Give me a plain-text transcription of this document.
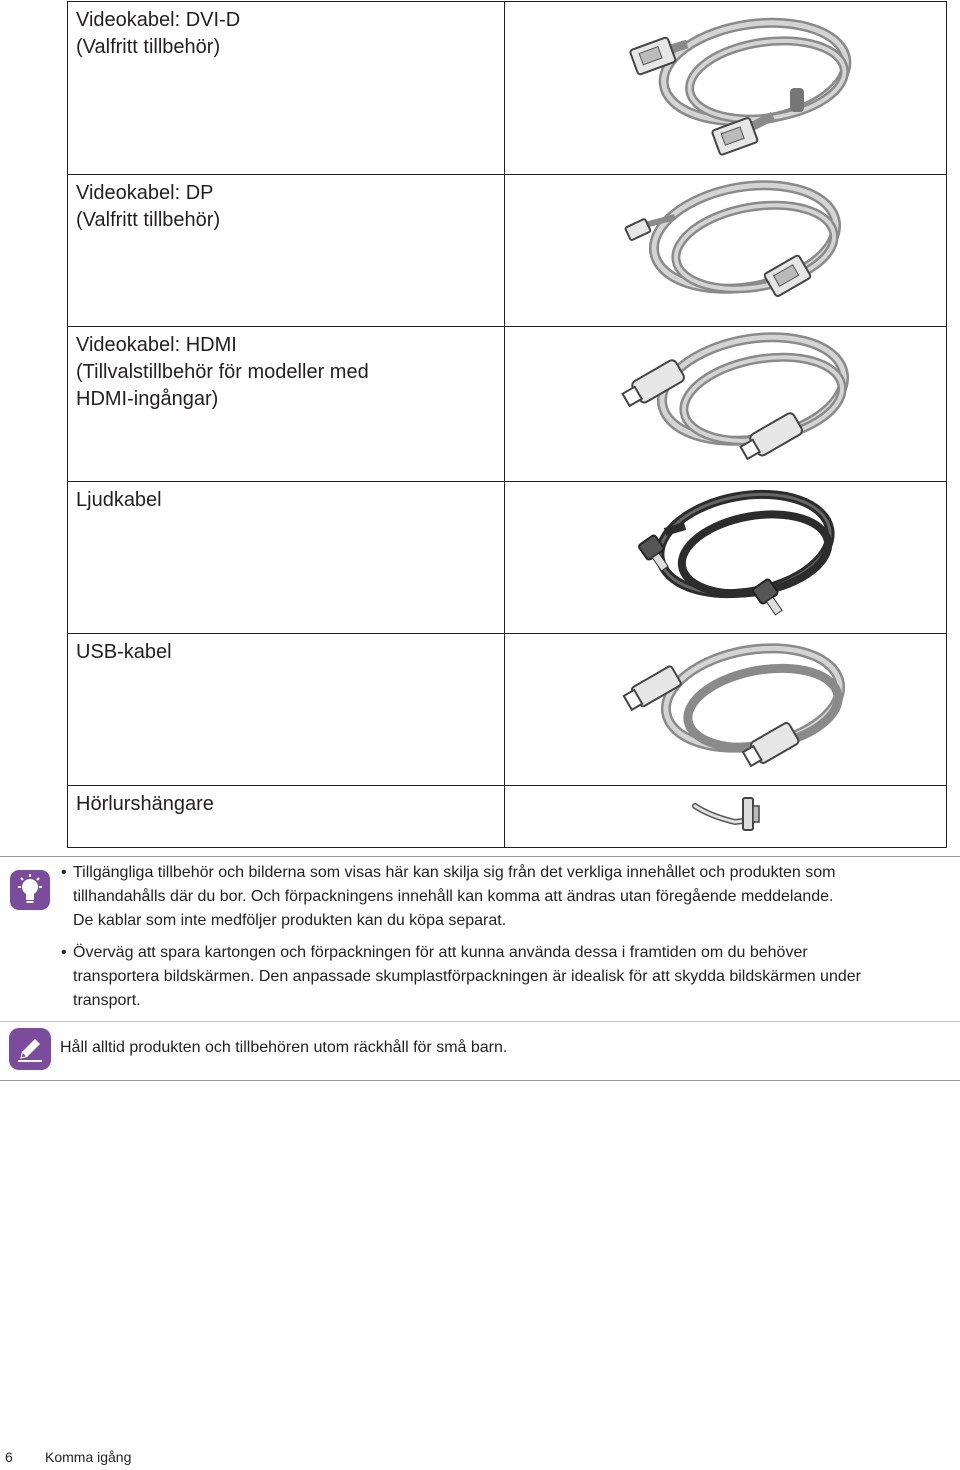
Videokabel: DVI-D
(Valfritt tillbehör)

Videokabel: DP
(Valfritt tillbehör)

Videokabel: HDMI
(Tillvalstillbehör för modeller med
HDMI-ingångar)

Ljudkabel

USB-kabel

Hörlurshängare

• Tillgängliga tillbehör och bilderna som visas här kan skilja sig från det verkliga innehållet och produkten som
tillhandahålls där du bor. Och förpackningens innehåll kan komma att ändras utan föregående meddelande.
De kablar som inte medföljer produkten kan du köpa separat.
• Överväg att spara kartongen och förpackningen för att kunna använda dessa i framtiden om du behöver
transportera bildskärmen. Den anpassade skumplastförpackningen är idealisk för att skydda bildskärmen under
transport.
Håll alltid produkten och tillbehören utom räckhåll för små barn.
6 Komma igång
